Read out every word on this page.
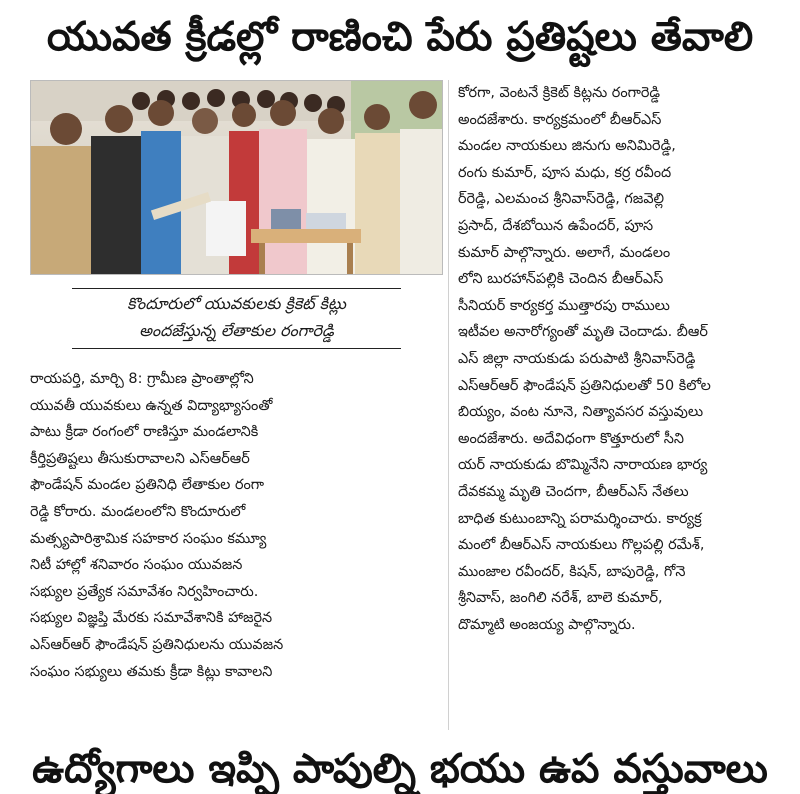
యువత క్రీడల్లో రాణించి పేరు ప్రతిష్టలు తేవాలి
కొందూరులో యువకులకు క్రికెట్ కిట్లు
అందజేస్తున్న లేతాకుల రంగారెడ్డి
రాయపర్తి, మార్చి 8: గ్రామీణ ప్రాంతాల్లోని
యువతీ యువకులు ఉన్నత విద్యాభ్యాసంతో
పాటు క్రీడా రంగంలో రాణిస్తూ మండలానికి
కీర్తిప్రతిష్టలు తీసుకురావాలని ఎస్ఆర్ఆర్
ఫౌండేషన్ మండల ప్రతినిధి లేతాకుల రంగా
రెడ్డి కోరారు. మండలంలోని కొందూరులో
మత్స్యపారిశ్రామిక సహకార సంఘం కమ్యూ
నిటీ హాల్లో శనివారం సంఘం యువజన
సభ్యుల ప్రత్యేక సమావేశం నిర్వహించారు.
సభ్యుల విజ్ఞప్తి మేరకు సమావేశానికి హాజరైన
ఎస్ఆర్ఆర్ ఫౌండేషన్ ప్రతినిధులను యువజన
సంఘం సభ్యులు తమకు క్రీడా కిట్లు కావాలని
కోరగా, వెంటనే క్రికెట్ కిట్లను రంగారెడ్డి
అందజేశారు. కార్యక్రమంలో బీఆర్ఎస్
మండల నాయకులు జినుగు అనిమిరెడ్డి,
రంగు కుమార్, పూస మధు, కర్ర రవీంద
ర్‌రెడ్డి, ఎలమంచ శ్రీనివాస్‌రెడ్డి, గజవెల్లి
ప్రసాద్, దేశబోయిన ఉపేందర్, పూస
కుమార్ పాల్గొన్నారు. అలాగే, మండలం
లోని బురహాన్‌పల్లికి చెందిన బీఆర్ఎస్
సీనియర్ కార్యకర్త ముత్తారపు రాములు
ఇటీవల అనారోగ్యంతో మృతి చెందాడు. బీఆర్
ఎస్ జిల్లా నాయకుడు పరుపాటి శ్రీనివాస్‌రెడ్డి
ఎస్ఆర్ఆర్ ఫౌండేషన్ ప్రతినిధులతో 50 కిలోల
బియ్యం, వంట నూనె, నిత్యావసర వస్తువులు
అందజేశారు. అదేవిధంగా కొత్తూరులో సీని
యర్ నాయకుడు బొమ్మినేని నారాయణ భార్య
దేవకమ్మ మృతి చెందగా, బీఆర్ఎస్ నేతలు
బాధిత కుటుంబాన్ని పరామర్శించారు. కార్యక్ర
మంలో బీఆర్ఎస్ నాయకులు గొల్లపల్లి రమేశ్,
ముంజాల రవీందర్, కిషన్, బాపురెడ్డి, గోనె
శ్రీనివాస్, జంగిలి నరేశ్, బాలె కుమార్,
దొమ్మాటి అంజయ్య పాల్గొన్నారు.
ఉద్యోగాలు ఇప్పి పాపుల్ని భయు ఉప వస్తువాలు
